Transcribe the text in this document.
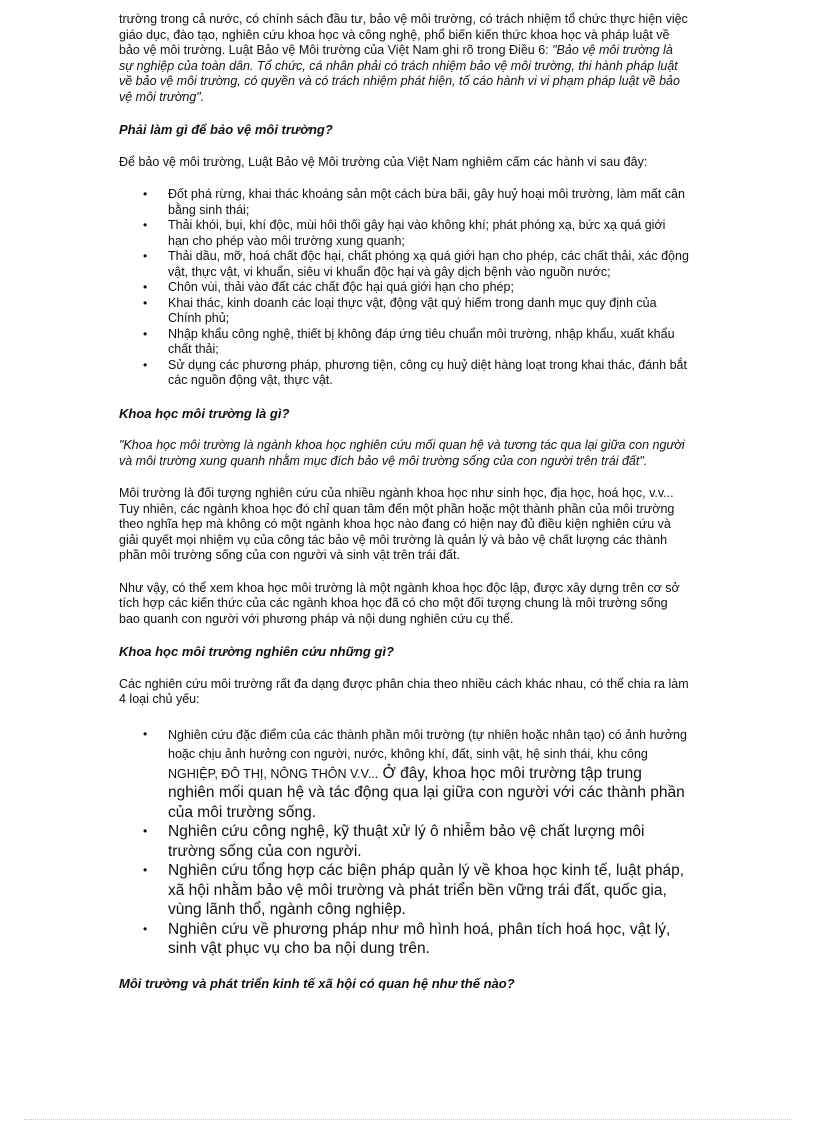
trường trong cả nước, có chính sách đầu tư, bảo vệ môi trường, có trách nhiệm tổ chức thực hiện việc giáo dục, đào tạo, nghiên cứu khoa học và công nghệ, phổ biến kiến thức khoa học và pháp luật về bảo vệ môi trường. Luật Bảo vệ Môi trường của Việt Nam ghi rõ trong Điều 6: "Bảo vệ môi trường là sự nghiệp của toàn dân. Tổ chức, cá nhân phải có trách nhiệm bảo vệ môi trường, thi hành pháp luật về bảo vệ môi trường, có quyền và có trách nhiệm phát hiện, tố cáo hành vi vi phạm pháp luật về bảo vệ môi trường".

Phải làm gì để bảo vệ môi trường?

Để bảo vệ môi trường, Luật Bảo vệ Môi trường của Việt Nam nghiêm cấm các hành vi sau đây:

• Đốt phá rừng, khai thác khoáng sản một cách bừa bãi, gây huỷ hoại môi trường, làm mất cân bằng sinh thái;
• Thải khói, bụi, khí độc, mùi hôi thối gây hại vào không khí; phát phóng xạ, bức xạ quá giới hạn cho phép vào môi trường xung quanh;
• Thải dầu, mỡ, hoá chất độc hại, chất phóng xạ quá giới hạn cho phép, các chất thải, xác động vật, thực vật, vi khuẩn, siêu vi khuẩn độc hại và gây dịch bệnh vào nguồn nước;
• Chôn vùi, thải vào đất các chất độc hại quá giới hạn cho phép;
• Khai thác, kinh doanh các loại thực vật, động vật quý hiếm trong danh mục quy định của Chính phủ;
• Nhập khẩu công nghệ, thiết bị không đáp ứng tiêu chuẩn môi trường, nhập khẩu, xuất khẩu chất thải;
• Sử dụng các phương pháp, phương tiện, công cụ huỷ diệt hàng loạt trong khai thác, đánh bắt các nguồn động vật, thực vật.

Khoa học môi trường là gì?

"Khoa học môi trường là ngành khoa học nghiên cứu mối quan hệ và tương tác qua lại giữa con người và môi trường xung quanh nhằm mục đích bảo vệ môi trường sống của con người trên trái đất".

Môi trường là đối tượng nghiên cứu của nhiều ngành khoa học như sinh học, địa học, hoá học, v.v... Tuy nhiên, các ngành khoa học đó chỉ quan tâm đến một phần hoặc một thành phần của môi trường theo nghĩa hẹp mà không có một ngành khoa học nào đang có hiện nay đủ điều kiện nghiên cứu và giải quyết mọi nhiệm vụ của công tác bảo vệ môi trường là quản lý và bảo vệ chất lượng các thành phần môi trường sống của con người và sinh vật trên trái đất.

Như vậy, có thể xem khoa học môi trường là một ngành khoa học độc lập, được xây dựng trên cơ sở tích hợp các kiến thức của các ngành khoa học đã có cho một đối tượng chung là môi trường sống bao quanh con người với phương pháp và nội dung nghiên cứu cụ thể.

Khoa học môi trường nghiên cứu những gì?

Các nghiên cứu môi trường rất đa dạng được phân chia theo nhiều cách khác nhau, có thể chia ra làm 4 loại chủ yếu:

• Nghiên cứu đặc điểm của các thành phần môi trường (tự nhiên hoặc nhân tạo) có ảnh hưởng hoặc chịu ảnh hưởng con người, nước, không khí, đất, sinh vật, hệ sinh thái, khu công NGHIỆP, ĐÔ THỊ, NÔNG THÔN V.V... Ở đây, khoa học môi trường tập trung nghiên mối quan hệ và tác động qua lại giữa con người với các thành phần của môi trường sống.
• Nghiên cứu công nghệ, kỹ thuật xử lý ô nhiễm bảo vệ chất lượng môi trường sống của con người.
• Nghiên cứu tổng hợp các biện pháp quản lý về khoa học kinh tế, luật pháp, xã hội nhằm bảo vệ môi trường và phát triển bền vững trái đất, quốc gia, vùng lãnh thổ, ngành công nghiệp.
• Nghiên cứu về phương pháp như mô hình hoá, phân tích hoá học, vật lý, sinh vật phục vụ cho ba nội dung trên.

Môi trường và phát triển kinh tế xã hội có quan hệ như thế nào?
